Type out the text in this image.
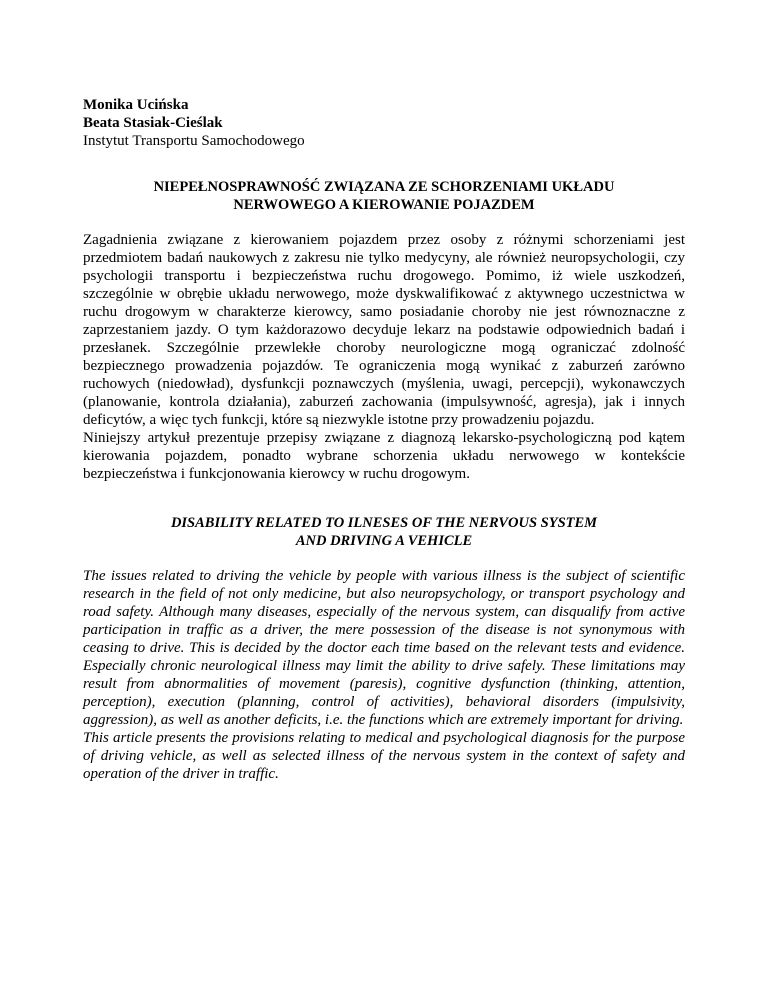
Monika Ucińska
Beata Stasiak-Cieślak
Instytut Transportu Samochodowego
NIEPEŁNOSPRAWNOŚĆ ZWIĄZANA ZE SCHORZENIAMI UKŁADU
NERWOWEGO A KIEROWANIE POJAZDEM

Zagadnienia związane z kierowaniem pojazdem przez osoby z różnymi schorzeniami jest przedmiotem badań naukowych z zakresu nie tylko medycyny, ale również neuropsychologii, czy psychologii transportu i bezpieczeństwa ruchu drogowego. Pomimo, iż wiele uszkodzeń, szczególnie w obrębie układu nerwowego, może dyskwalifikować z aktywnego uczestnictwa w ruchu drogowym w charakterze kierowcy, samo posiadanie choroby nie jest równoznaczne z zaprzestaniem jazdy. O tym każdorazowo decyduje lekarz na podstawie odpowiednich badań i przesłanek. Szczególnie przewlekłe choroby neurologiczne mogą ograniczać zdolność bezpiecznego prowadzenia pojazdów. Te ograniczenia mogą wynikać z zaburzeń zarówno ruchowych (niedowład), dysfunkcji poznawczych (myślenia, uwagi, percepcji), wykonawczych (planowanie, kontrola działania), zaburzeń zachowania (impulsywność, agresja), jak i innych deficytów, a więc tych funkcji, które są niezwykle istotne przy prowadzeniu pojazdu.

Niniejszy artykuł prezentuje przepisy związane z diagnozą lekarsko-psychologiczną pod kątem kierowania pojazdem, ponadto wybrane schorzenia układu nerwowego w kontekście bezpieczeństwa i funkcjonowania kierowcy w ruchu drogowym.

DISABILITY RELATED TO ILNESES OF THE NERVOUS SYSTEM
AND DRIVING A VEHICLE

The issues related to driving the vehicle by people with various illness is the subject of scientific research in the field of not only medicine, but also neuropsychology, or transport psychology and road safety. Although many diseases, especially of the nervous system, can disqualify from active participation in traffic as a driver, the mere possession of the disease is not synonymous with ceasing to drive. This is decided by the doctor each time based on the relevant tests and evidence. Especially chronic neurological illness may limit the ability to drive safely. These limitations may result from abnormalities of movement (paresis), cognitive dysfunction (thinking, attention, perception), execution (planning, control of activities), behavioral disorders (impulsivity, aggression), as well as another deficits, i.e. the functions which are extremely important for driving.

This article presents the provisions relating to medical and psychological diagnosis for the purpose of driving vehicle, as well as selected illness of the nervous system in the context of safety and operation of the driver in traffic.
